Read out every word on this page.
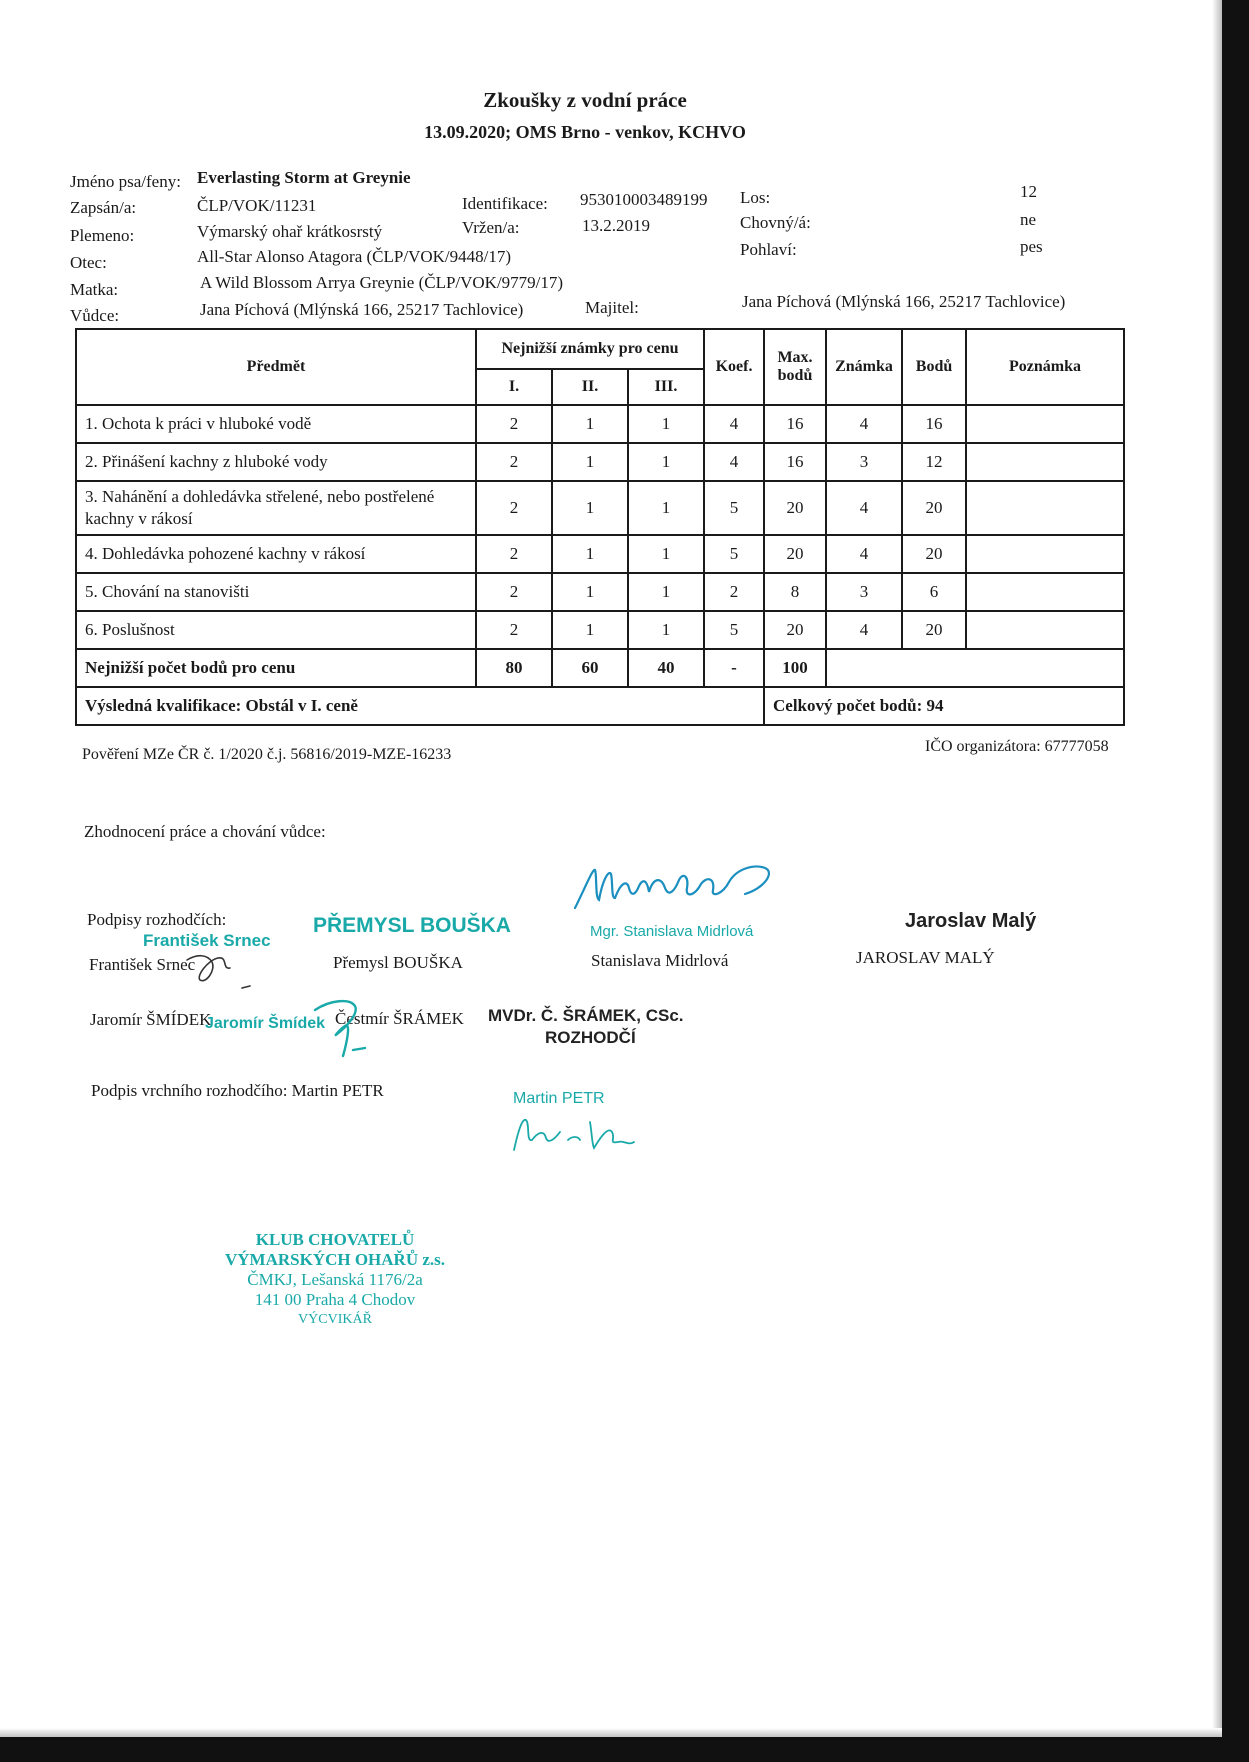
Zkoušky z vodní práce
13.09.2020; OMS Brno - venkov, KCHVO
Jméno psa/feny: Everlasting Storm at Greynie
Zapsán/a:	ČLP/VOK/11231	Identifikace: 953010003489199 Los:	12
Plemeno:	Výmarský ohař krátkosrstý	Vržen/a:	13.2.2019	Chovný/á:	ne
Otec:	All-Star Alonso Atagora (ČLP/VOK/9448/17)	Pohlaví:	pes
Matka:	A Wild Blossom Arrya Greynie (ČLP/VOK/9779/17)
Vůdce:	Jana Píchová (Mlýnská 166, 25217 Tachlovice)	Majitel:	Jana Píchová (Mlýnská 166, 25217 Tachlovice)
Předmět	Nejnižší známky pro cenu			Koef.	Max. bodů	Známka	Bodů	Poznámka
	I.	II.	III.					
1. Ochota k práci v hluboké vodě	2	1	1	4	16	4	16	
2. Přinášení kachny z hluboké vody	2	1	1	4	16	3	12	
3. Nahánění a dohledávka střelené, nebo postřelené kachny v rákosí	2	1	1	5	20	4	20	
4. Dohledávka pohozené kachny v rákosí	2	1	1	5	20	4	20	
5. Chování na stanovišti	2	1	1	2	8	3	6	
6. Poslušnost	2	1	1	5	20	4	20	
Nejnižší počet bodů pro cenu	80	60	40	-	100			
Výsledná kvalifikace: Obstál v I. ceně					Celkový počet bodů: 94			
Pověření MZe ČR č. 1/2020 č.j. 56816/2019-MZE-16233	IČO organizátora: 67777058
Zhodnocení práce a chování vůdce:
Podpisy rozhodčích:
František Srnec	Přemysl BOUŠKA	Stanislava Midrlová	JAROSLAV MALÝ
Jaromír ŠMÍDEK	Čestmír ŠRÁMEK
Podpis vrchního rozhodčího: Martin PETR
František Srnec
PŘEMYSL BOUŠKA	Mgr. Stanislava Midrlová	Jaroslav Malý
Jaromír Šmídek	MVDr. Č. ŠRÁMEK, CSc.
ROZHODČÍ
Martin PETR
KLUB CHOVATELŮ
VÝMARSKÝCH OHAŘŮ z.s.
ČMKJ, Lešanská 1176/2a
141 00 Praha 4 Chodov
VÝCVIKÁŘ
